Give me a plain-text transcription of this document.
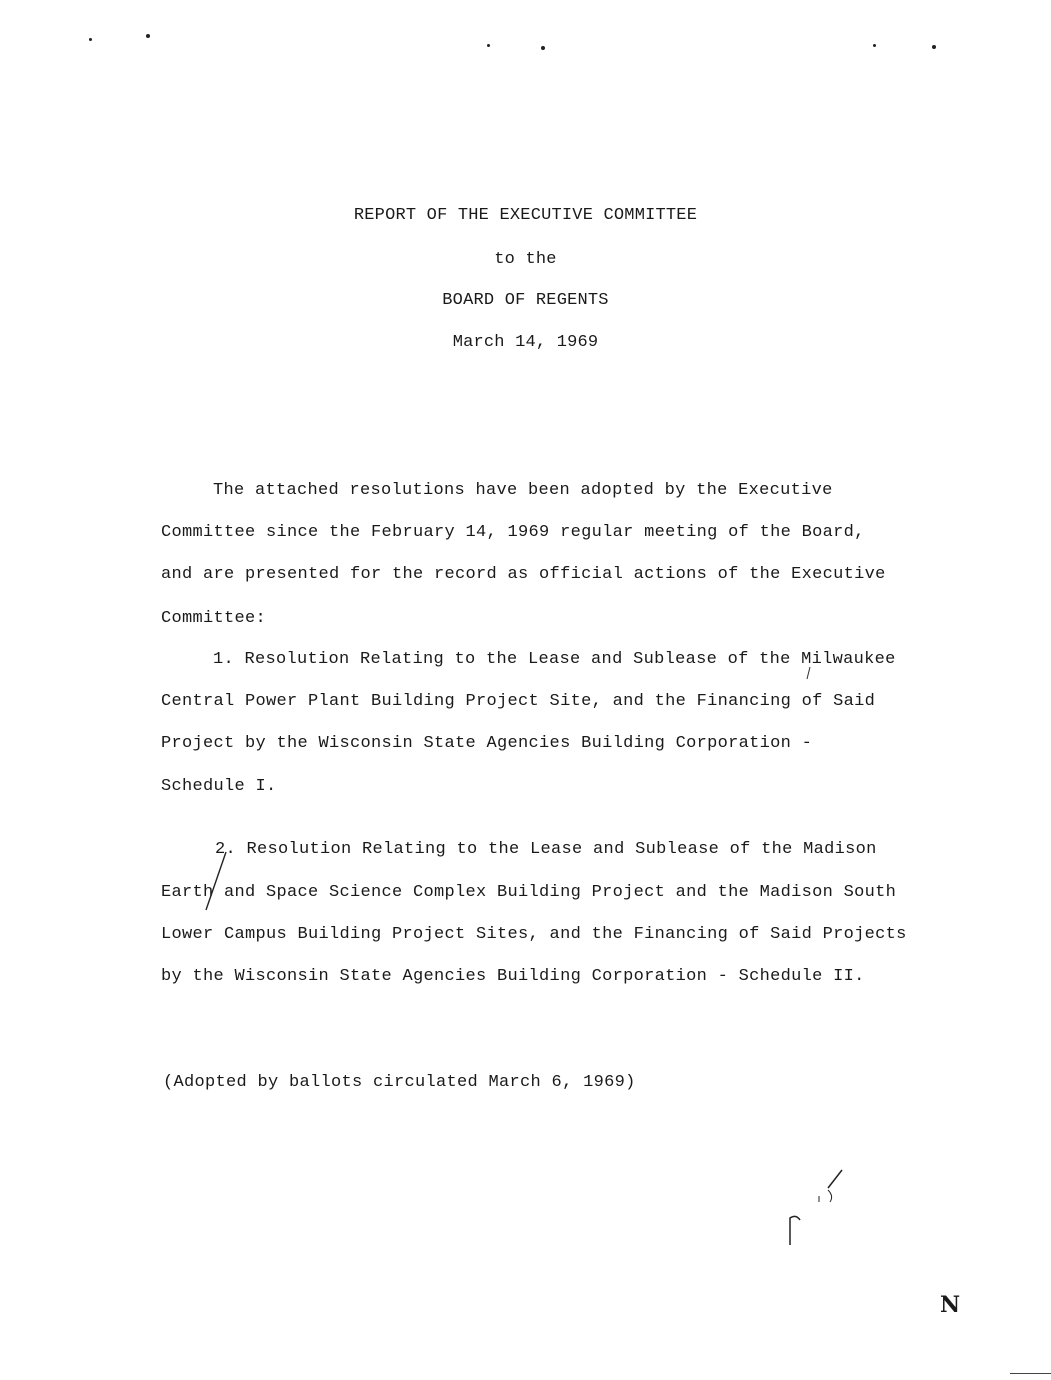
REPORT OF THE EXECUTIVE COMMITTEE
to the
BOARD OF REGENTS
March 14, 1969
The attached resolutions have been adopted by the Executive
Committee since the February 14, 1969 regular meeting of the Board,
and are presented for the record as official actions of the Executive
Committee:
1. Resolution Relating to the Lease and Sublease of the Milwaukee
Central Power Plant Building Project Site, and the Financing of Said
Project by the Wisconsin State Agencies Building Corporation -
Schedule I.
2. Resolution Relating to the Lease and Sublease of the Madison
Earth and Space Science Complex Building Project and the Madison South
Lower Campus Building Project Sites, and the Financing of Said Projects
by the Wisconsin State Agencies Building Corporation - Schedule II.
(Adopted by ballots circulated March 6, 1969)
N
